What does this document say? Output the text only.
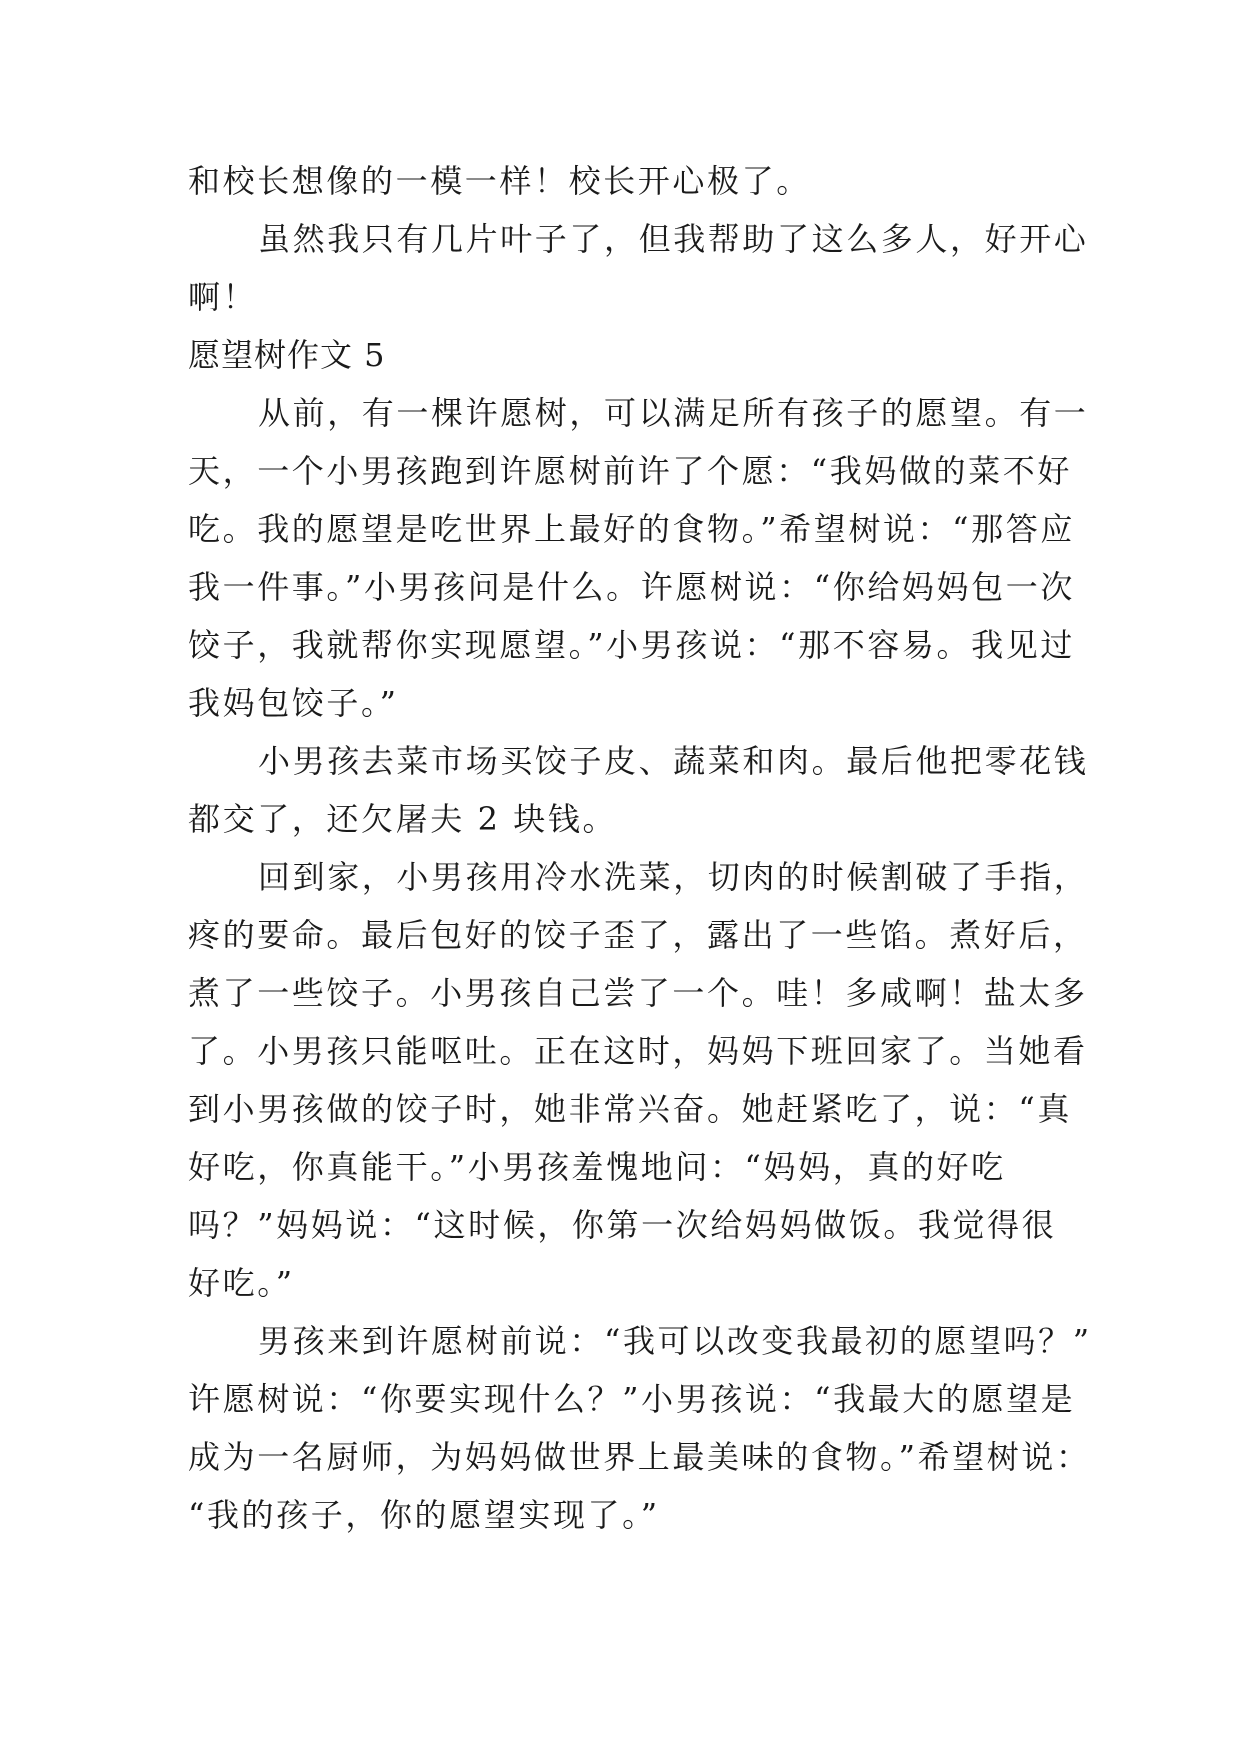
和校长想像的一模一样！校长开心极了。
虽然我只有几片叶子了，但我帮助了这么多人，好开心
啊！
愿望树作文 5
从前，有一棵许愿树，可以满足所有孩子的愿望。有一
天，一个小男孩跑到许愿树前许了个愿：“我妈做的菜不好
吃。我的愿望是吃世界上最好的食物。”希望树说：“那答应
我一件事。”小男孩问是什么。许愿树说：“你给妈妈包一次
饺子，我就帮你实现愿望。”小男孩说：“那不容易。我见过
我妈包饺子。”
小男孩去菜市场买饺子皮、蔬菜和肉。最后他把零花钱
都交了，还欠屠夫 2 块钱。
回到家，小男孩用冷水洗菜，切肉的时候割破了手指，
疼的要命。最后包好的饺子歪了，露出了一些馅。煮好后，
煮了一些饺子。小男孩自己尝了一个。哇！多咸啊！盐太多
了。小男孩只能呕吐。正在这时，妈妈下班回家了。当她看
到小男孩做的饺子时，她非常兴奋。她赶紧吃了，说：“真
好吃，你真能干。”小男孩羞愧地问：“妈妈，真的好吃
吗？”妈妈说：“这时候，你第一次给妈妈做饭。我觉得很
好吃。”
男孩来到许愿树前说：“我可以改变我最初的愿望吗？”
许愿树说：“你要实现什么？”小男孩说：“我最大的愿望是
成为一名厨师，为妈妈做世界上最美味的食物。”希望树说：
“我的孩子，你的愿望实现了。”
